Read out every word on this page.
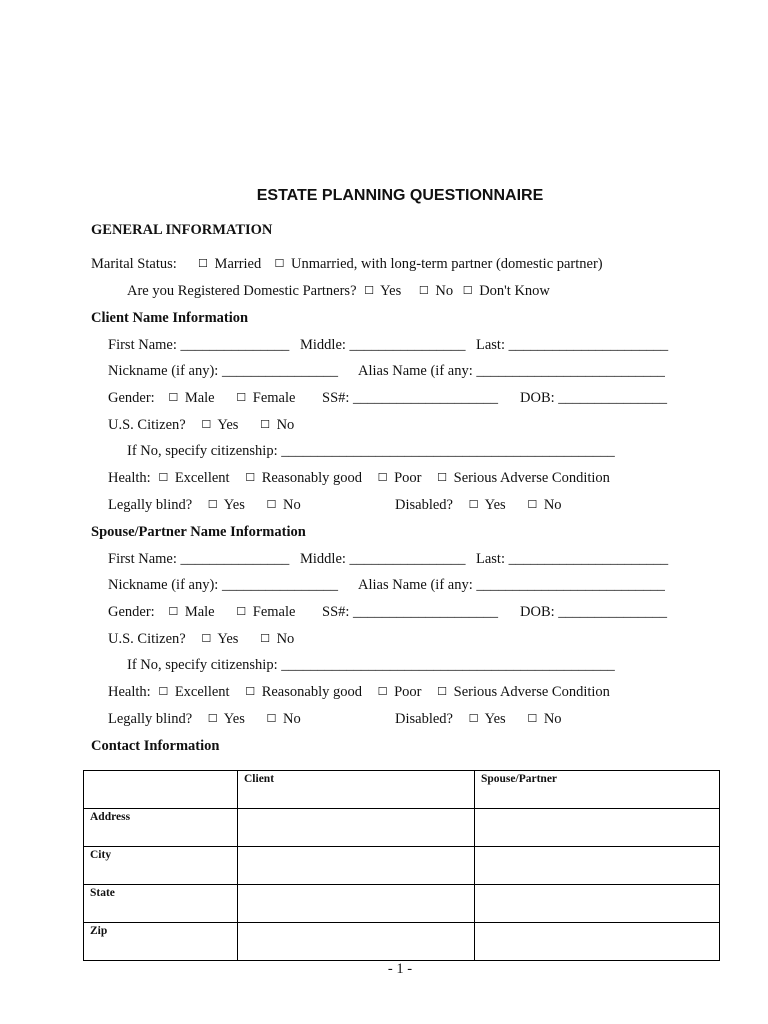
ESTATE PLANNING QUESTIONNAIRE
GENERAL INFORMATION
Marital Status: ☐ Married ☐ Unmarried, with long-term partner (domestic partner)
Are you Registered Domestic Partners? ☐ Yes ☐ No ☐ Don't Know
Client Name Information
First Name: _______________ Middle: ________________ Last: ______________________
Nickname (if any): ________________ Alias Name (if any: __________________________
Gender: ☐ Male ☐ Female SS#: ____________________ DOB: _______________
U.S. Citizen? ☐ Yes ☐ No
If No, specify citizenship: ______________________________________________
Health: ☐ Excellent ☐ Reasonably good ☐ Poor ☐ Serious Adverse Condition
Legally blind? ☐ Yes ☐ No	Disabled? ☐ Yes ☐ No
Spouse/Partner Name Information
First Name: _______________ Middle: ________________ Last: ______________________
Nickname (if any): ________________ Alias Name (if any: __________________________
Gender: ☐ Male ☐ Female SS#: ____________________ DOB: _______________
U.S. Citizen? ☐ Yes ☐ No
If No, specify citizenship: ______________________________________________
Health: ☐ Excellent ☐ Reasonably good ☐ Poor ☐ Serious Adverse Condition
Legally blind? ☐ Yes ☐ No	Disabled? ☐ Yes ☐ No
Contact Information
	Client	Spouse/Partner
Address		
City		
State		
Zip		
- 1 -
